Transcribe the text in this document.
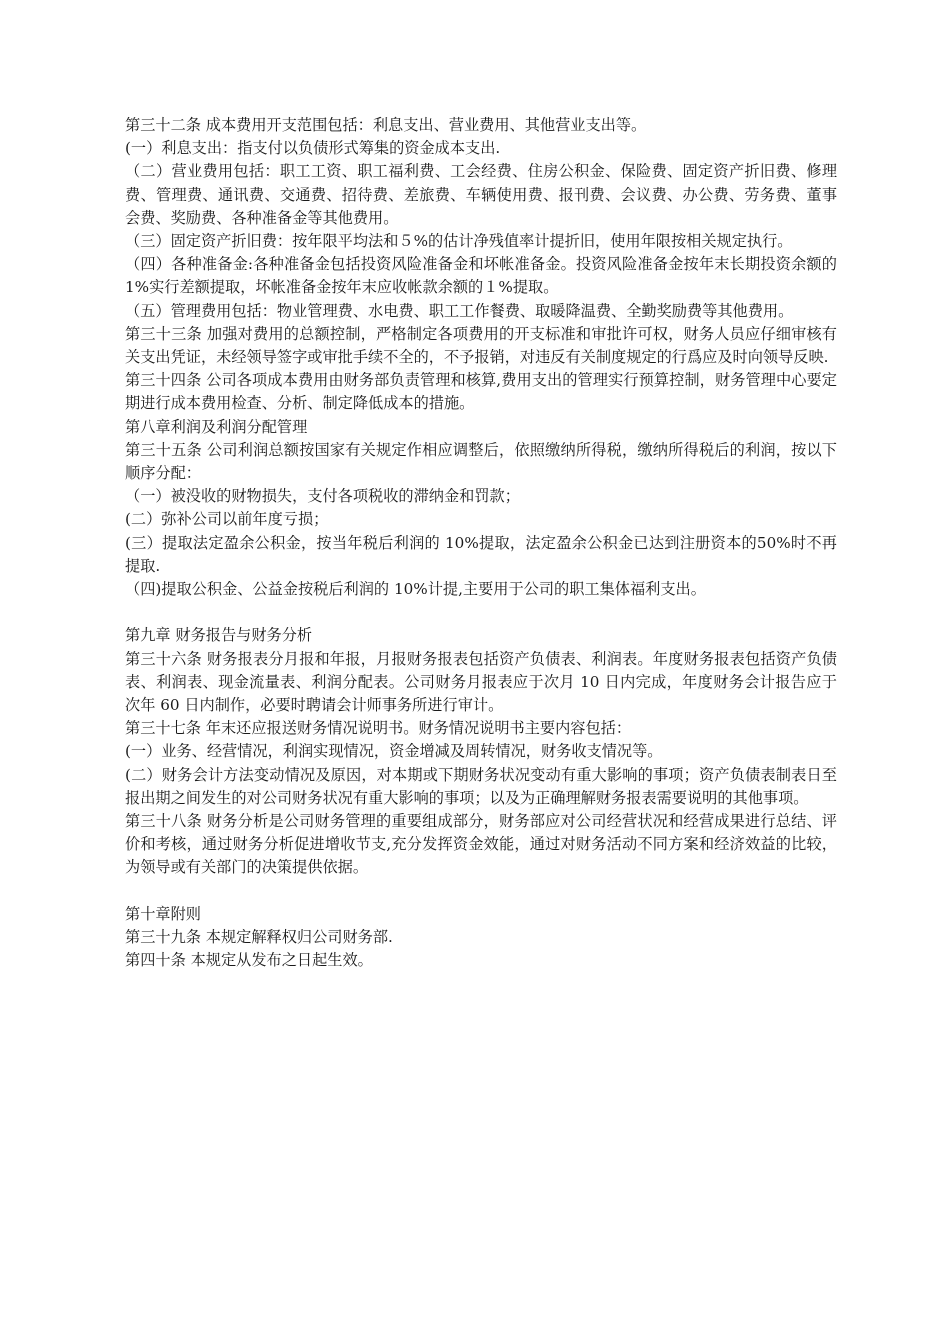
第三十二条 成本费用开支范围包括：利息支出、营业费用、其他营业支出等。

(一）利息支出：指支付以负债形式筹集的资金成本支出.

（二）营业费用包括：职工工资、职工福利费、工会经费、住房公积金、保险费、固定资产折旧费、修理费、管理费、通讯费、交通费、招待费、差旅费、车辆使用费、报刊费、会议费、办公费、劳务费、董事会费、奖励费、各种准备金等其他费用。

（三）固定资产折旧费：按年限平均法和５%的估计净残值率计提折旧，使用年限按相关规定执行。

（四）各种准备金:各种准备金包括投资风险准备金和坏帐准备金。投资风险准备金按年末长期投资余额的1%实行差额提取，坏帐准备金按年末应收帐款余额的１%提取。

（五）管理费用包括：物业管理费、水电费、职工工作餐费、取暖降温费、全勤奖励费等其他费用。

第三十三条 加强对费用的总额控制，严格制定各项费用的开支标准和审批许可权，财务人员应仔细审核有关支出凭证，未经领导签字或审批手续不全的，不予报销，对违反有关制度规定的行爲应及时向领导反映.

第三十四条 公司各项成本费用由财务部负责管理和核算,费用支出的管理实行预算控制，财务管理中心要定期进行成本费用检查、分析、制定降低成本的措施。

第八章利润及利润分配管理

第三十五条 公司利润总额按国家有关规定作相应调整后，依照缴纳所得税，缴纳所得税后的利润，按以下顺序分配：

（一）被没收的财物损失，支付各项税收的滞纳金和罚款；

(二）弥补公司以前年度亏损；

(三）提取法定盈余公积金，按当年税后利润的 10%提取，法定盈余公积金已达到注册资本的50%时不再提取.

（四)提取公积金、公益金按税后利润的 10%计提,主要用于公司的职工集体福利支出。

第九章 财务报告与财务分析

第三十六条 财务报表分月报和年报，月报财务报表包括资产负债表、利润表。年度财务报表包括资产负债表、利润表、现金流量表、利润分配表。公司财务月报表应于次月 10 日内完成，年度财务会计报告应于次年 60 日内制作，必要时聘请会计师事务所进行审计。

第三十七条 年末还应报送财务情况说明书。财务情况说明书主要内容包括：

(一）业务、经营情况，利润实现情况，资金增减及周转情况，财务收支情况等。

(二）财务会计方法变动情况及原因，对本期或下期财务状况变动有重大影响的事项；资产负债表制表日至报出期之间发生的对公司财务状况有重大影响的事项；以及为正确理解财务报表需要说明的其他事项。

第三十八条 财务分析是公司财务管理的重要组成部分，财务部应对公司经营状况和经营成果进行总结、评价和考核，通过财务分析促进增收节支,充分发挥资金效能，通过对财务活动不同方案和经济效益的比较，为领导或有关部门的决策提供依据。

第十章附则

第三十九条 本规定解释权归公司财务部.

第四十条 本规定从发布之日起生效。
